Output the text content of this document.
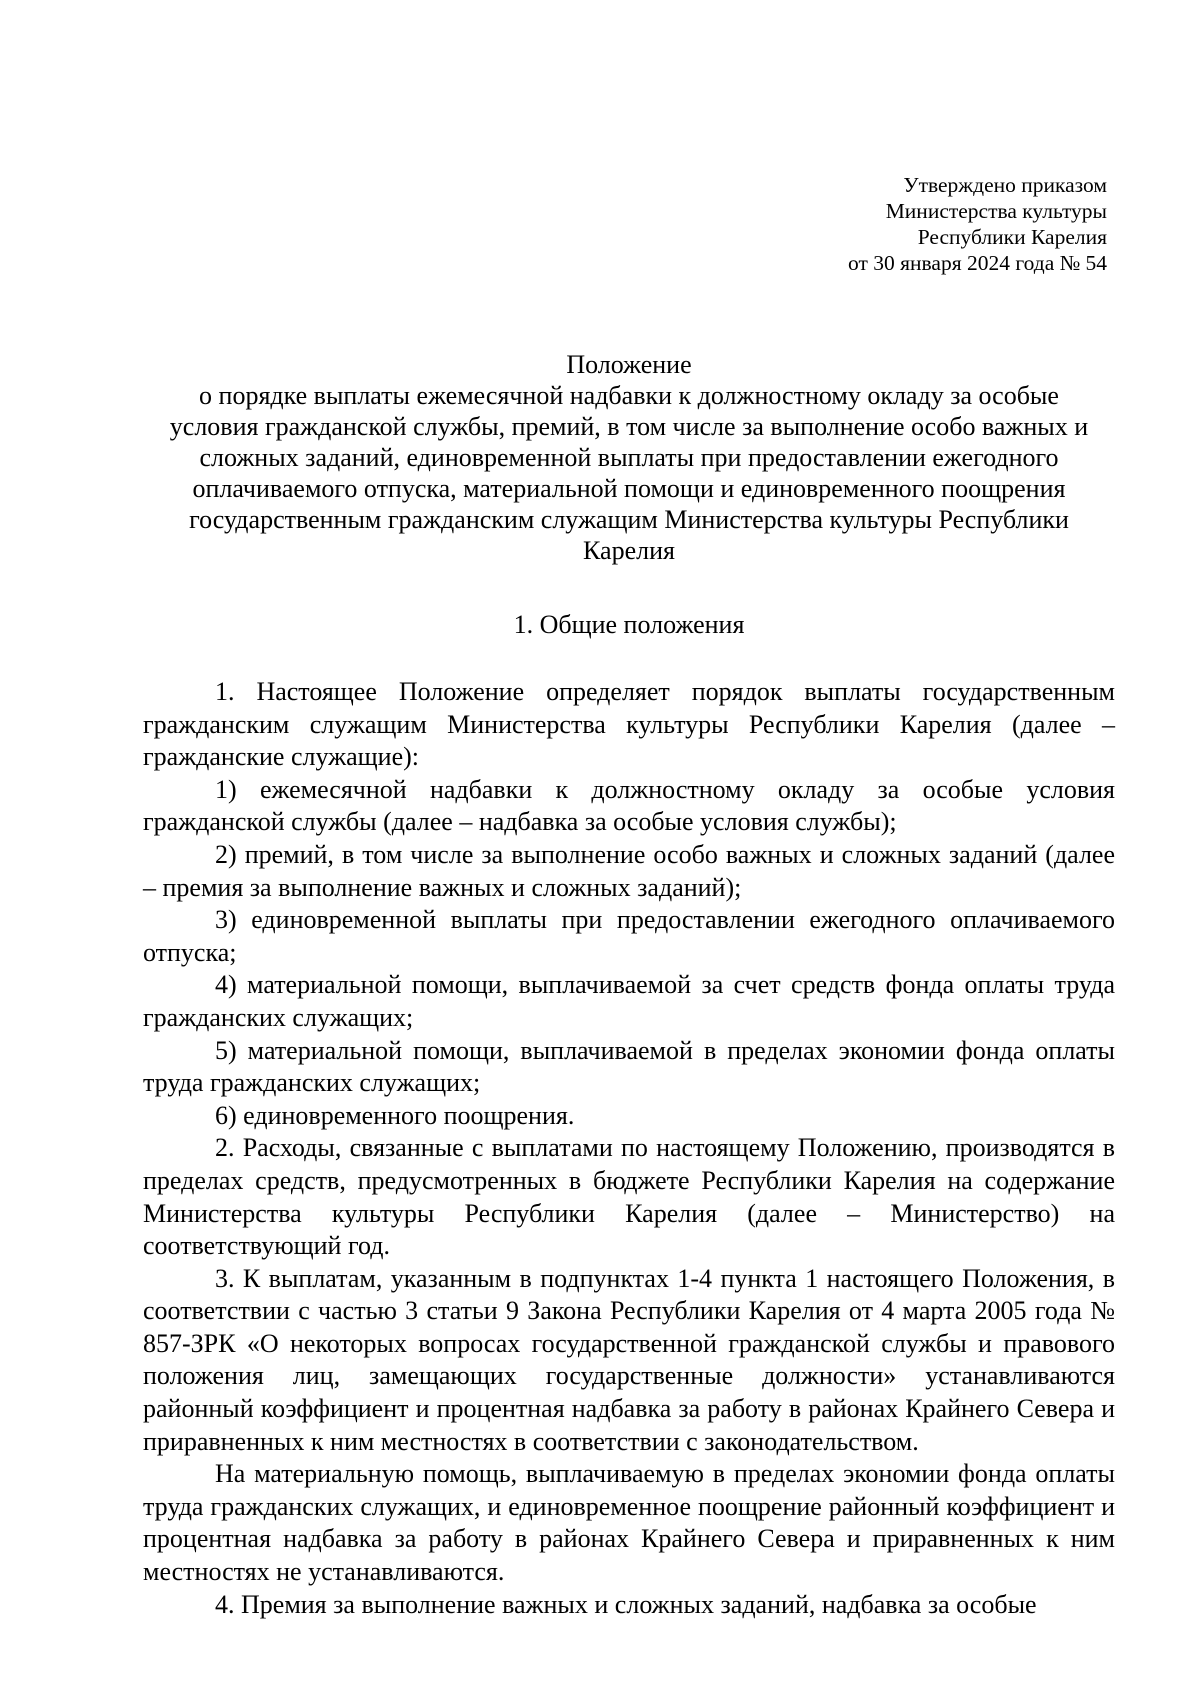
Утверждено приказом
Министерства культуры
Республики Карелия
от 30 января 2024 года № 54
Положение
о порядке выплаты ежемесячной надбавки к должностному окладу за особые
условия гражданской службы, премий, в том числе за выполнение особо важных и
сложных заданий, единовременной выплаты при предоставлении ежегодного
оплачиваемого отпуска, материальной помощи и единовременного поощрения
государственным гражданским служащим Министерства культуры Республики
Карелия
1. Общие положения

1. Настоящее Положение определяет порядок выплаты государственным гражданским служащим Министерства культуры Республики Карелия (далее – гражданские служащие):

1) ежемесячной надбавки к должностному окладу за особые условия гражданской службы (далее – надбавка за особые условия службы);

2) премий, в том числе за выполнение особо важных и сложных заданий (далее – премия за выполнение важных и сложных заданий);

3) единовременной выплаты при предоставлении ежегодного оплачиваемого отпуска;

4) материальной помощи, выплачиваемой за счет средств фонда оплаты труда гражданских служащих;

5) материальной помощи, выплачиваемой в пределах экономии фонда оплаты труда гражданских служащих;

6) единовременного поощрения.

2. Расходы, связанные с выплатами по настоящему Положению, производятся в пределах средств, предусмотренных в бюджете Республики Карелия на содержание Министерства культуры Республики Карелия (далее – Министерство) на соответствующий год.

3. К выплатам, указанным в подпунктах 1-4 пункта 1 настоящего Положения, в соответствии с частью 3 статьи 9 Закона Республики Карелия от 4 марта 2005 года № 857-ЗРК «О некоторых вопросах государственной гражданской службы и правового положения лиц, замещающих государственные должности» устанавливаются районный коэффициент и процентная надбавка за работу в районах Крайнего Севера и приравненных к ним местностях в соответствии с законодательством.

На материальную помощь, выплачиваемую в пределах экономии фонда оплаты труда гражданских служащих, и единовременное поощрение районный коэффициент и процентная надбавка за работу в районах Крайнего Севера и приравненных к ним местностях не устанавливаются.

4. Премия за выполнение важных и сложных заданий, надбавка за особые
